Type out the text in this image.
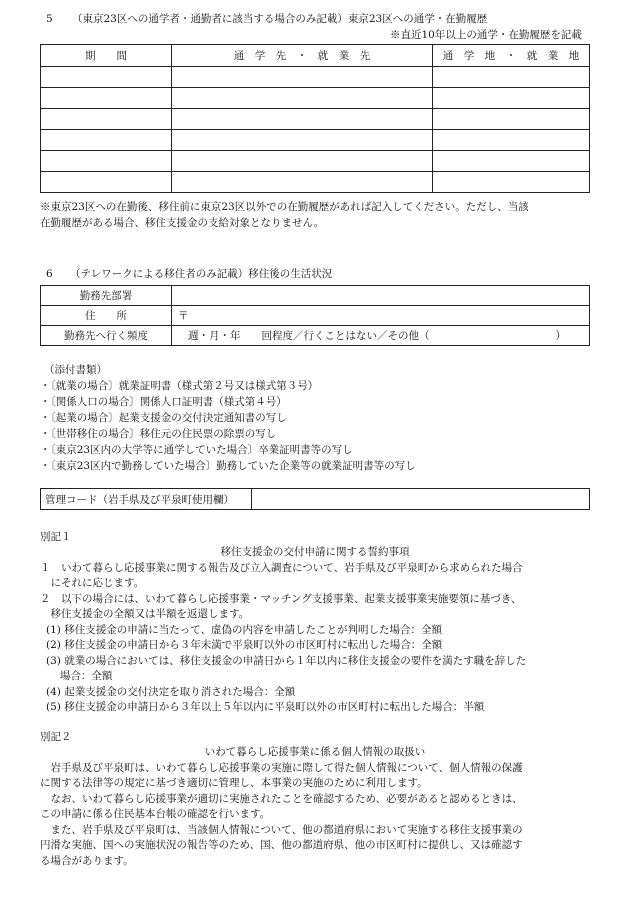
5 （東京23区への通学者・通勤者に該当する場合のみ記載）東京23区への通学・在勤履歴
※直近10年以上の通学・在勤履歴を記載
期　　間	通　学　先　・　就　業　先	通　学　地　・　就　業　地

※東京23区への在勤後、移住前に東京23区以外での在勤履歴があれば記入してください。ただし、当該
在勤履歴がある場合、移住支援金の支給対象となりません。
6 （テレワークによる移住者のみ記載）移住後の生活状況
勤務先部署	
住　　所	〒
勤務先へ行く頻度	週・月・年　　回程度／行くことはない／その他（　　　　　　　　　　　　）
（添付書類）
・〔就業の場合〕就業証明書（様式第２号又は様式第３号）
・〔関係人口の場合〕関係人口証明書（様式第４号）
・〔起業の場合〕起業支援金の交付決定通知書の写し
・〔世帯移住の場合〕移住元の住民票の除票の写し
・〔東京23区内の大学等に通学していた場合〕卒業証明書等の写し
・〔東京23区内で勤務していた場合〕勤務していた企業等の就業証明書等の写し
管理コード（岩手県及び平泉町使用欄）	
別記１
移住支援金の交付申請に関する誓約事項
１　いわて暮らし応援事業に関する報告及び立入調査について、岩手県及び平泉町から求められた場合
　にそれに応じます。
２　以下の場合には、いわて暮らし応援事業・マッチング支援事業、起業支援事業実施要領に基づき、
　移住支援金の全額又は半額を返還します。
(1) 移住支援金の申請に当たって、虚偽の内容を申請したことが判明した場合：全額
(2) 移住支援金の申請日から３年未満で平泉町以外の市区町村に転出した場合：全額
(3) 就業の場合においては、移住支援金の申請日から１年以内に移住支援金の要件を満たす職を辞した
　 場合：全額
(4) 起業支援金の交付決定を取り消された場合：全額
(5) 移住支援金の申請日から３年以上５年以内に平泉町以外の市区町村に転出した場合：半額
別記２
いわて暮らし応援事業に係る個人情報の取扱い
　岩手県及び平泉町は、いわて暮らし応援事業の実施に際して得た個人情報について、個人情報の保護
に関する法律等の規定に基づき適切に管理し、本事業の実施のために利用します。
　なお、いわて暮らし応援事業が適切に実施されたことを確認するため、必要があると認めるときは、
この申請に係る住民基本台帳の確認を行います。
　また、岩手県及び平泉町は、当該個人情報について、他の都道府県において実施する移住支援事業の
円滑な実施、国への実施状況の報告等のため、国、他の都道府県、他の市区町村に提供し、又は確認す
る場合があります。
